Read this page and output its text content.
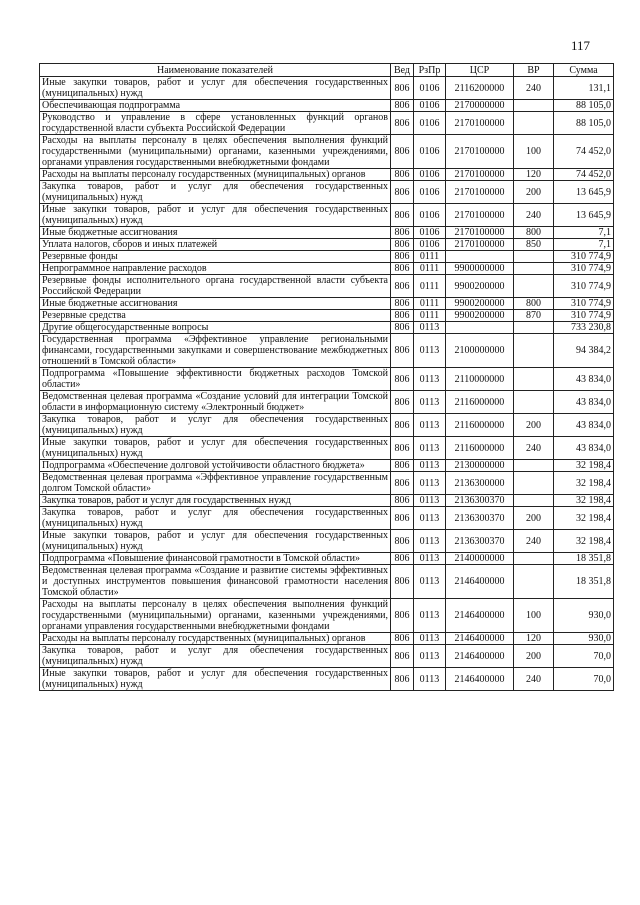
117
Наименование показателей	Вед	РзПр	ЦСР	ВР	Сумма
Иные закупки товаров, работ и услуг для обеспечения государственных (муниципальных) нужд	806	0106	2116200000	240	131,1
Обеспечивающая подпрограмма	806	0106	2170000000		88 105,0
Руководство и управление в сфере установленных функций органов государственной власти субъекта Российской Федерации	806	0106	2170100000		88 105,0
Расходы на выплаты персоналу в целях обеспечения выполнения функций государственными (муниципальными) органами, казенными учреждениями, органами управления государственными внебюджетными фондами	806	0106	2170100000	100	74 452,0
Расходы на выплаты персоналу государственных (муниципальных) органов	806	0106	2170100000	120	74 452,0
Закупка товаров, работ и услуг для обеспечения государственных (муниципальных) нужд	806	0106	2170100000	200	13 645,9
Иные закупки товаров, работ и услуг для обеспечения государственных (муниципальных) нужд	806	0106	2170100000	240	13 645,9
Иные бюджетные ассигнования	806	0106	2170100000	800	7,1
Уплата налогов, сборов и иных платежей	806	0106	2170100000	850	7,1
Резервные фонды	806	0111			310 774,9
Непрограммное направление расходов	806	0111	9900000000		310 774,9
Резервные фонды исполнительного органа государственной власти субъекта Российской Федерации	806	0111	9900200000		310 774,9
Иные бюджетные ассигнования	806	0111	9900200000	800	310 774,9
Резервные средства	806	0111	9900200000	870	310 774,9
Другие общегосударственные вопросы	806	0113			733 230,8
Государственная программа «Эффективное управление региональными финансами, государственными закупками и совершенствование межбюджетных отношений в Томской области»	806	0113	2100000000		94 384,2
Подпрограмма «Повышение эффективности бюджетных расходов Томской области»	806	0113	2110000000		43 834,0
Ведомственная целевая программа «Создание условий для интеграции Томской области в информационную систему «Электронный бюджет»	806	0113	2116000000		43 834,0
Закупка товаров, работ и услуг для обеспечения государственных (муниципальных) нужд	806	0113	2116000000	200	43 834,0
Иные закупки товаров, работ и услуг для обеспечения государственных (муниципальных) нужд	806	0113	2116000000	240	43 834,0
Подпрограмма «Обеспечение долговой устойчивости областного бюджета»	806	0113	2130000000		32 198,4
Ведомственная целевая программа «Эффективное управление государственным долгом Томской области»	806	0113	2136300000		32 198,4
Закупка товаров, работ и услуг для государственных нужд	806	0113	2136300370		32 198,4
Закупка товаров, работ и услуг для обеспечения государственных (муниципальных) нужд	806	0113	2136300370	200	32 198,4
Иные закупки товаров, работ и услуг для обеспечения государственных (муниципальных) нужд	806	0113	2136300370	240	32 198,4
Подпрограмма «Повышение финансовой грамотности в Томской области»	806	0113	2140000000		18 351,8
Ведомственная целевая программа «Создание и развитие системы эффективных и доступных инструментов повышения финансовой грамотности населения Томской области»	806	0113	2146400000		18 351,8
Расходы на выплаты персоналу в целях обеспечения выполнения функций государственными (муниципальными) органами, казенными учреждениями, органами управления государственными внебюджетными фондами	806	0113	2146400000	100	930,0
Расходы на выплаты персоналу государственных (муниципальных) органов	806	0113	2146400000	120	930,0
Закупка товаров, работ и услуг для обеспечения государственных (муниципальных) нужд	806	0113	2146400000	200	70,0
Иные закупки товаров, работ и услуг для обеспечения государственных (муниципальных) нужд	806	0113	2146400000	240	70,0
